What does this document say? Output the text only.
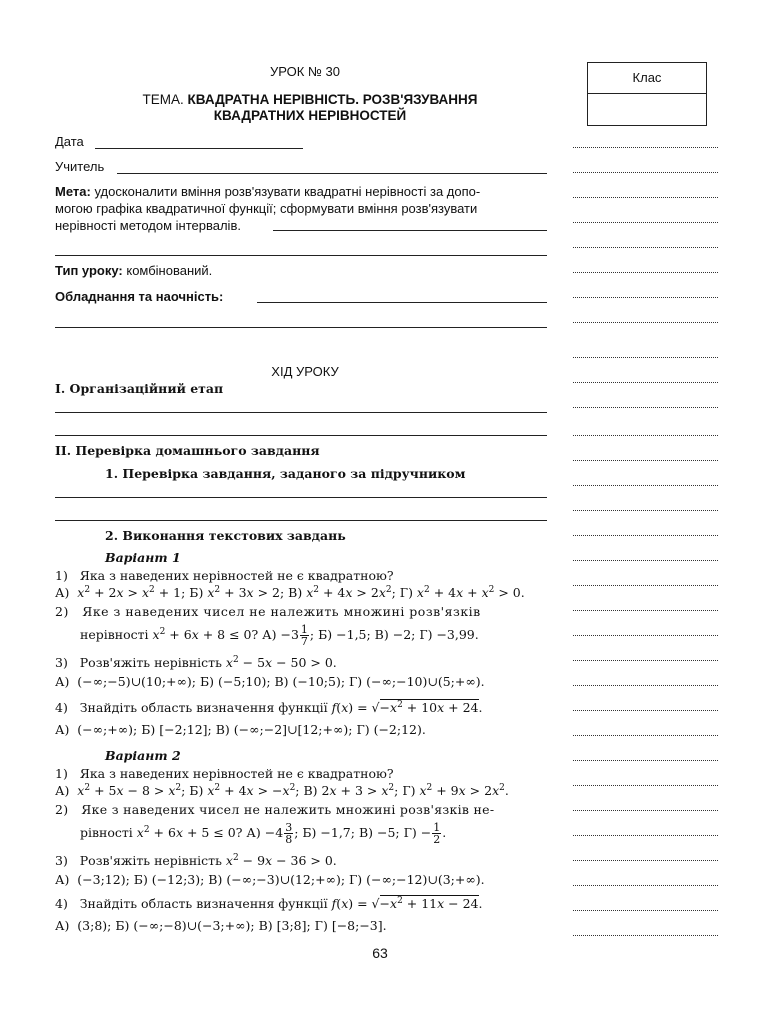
УРОК № 30
ТЕМА. КВАДРАТНА НЕРІВНІСТЬ. РОЗВ'ЯЗУВАННЯ
КВАДРАТНИХ НЕРІВНОСТЕЙ
Клас
Дата
Учитель
Мета: удосконалити вміння розв'язувати квадратні нерівності за допо-
могою графіка квадратичної функції; сформувати вміння розв'язувати
нерівності методом інтервалів.
Тип уроку: комбінований.
Обладнання та наочність:
ХІД УРОКУ
I. Організаційний етап
II. Перевірка домашнього завдання
1. Перевірка завдання, заданого за підручником
2. Виконання текстових завдань
Варіант 1
1) Яка з наведених нерівностей не є квадратною?
А)  $x^2 + 2x > x^2 + 1$; Б) $x^2 + 3x > 2$; В) $x^2 + 4x > 2x^2$; Г) $x^2 + 4x + x^2 > 0$.
2) Яке з наведених чисел не належить множині розв'язків
нерівності $x^2 + 6x + 8 \le 0$? $А) -3 \frac{1}{7}$ ; Б) −1,5; В) −2; Г) −3,99.
3) Розв'яжіть нерівність $x^2 - 5x - 50 > 0$.
А)  (−∞;−5)∪(10;+∞); Б) (−5;10); В) (−10;5); Г) (−∞;−10)∪(5;+∞).
4) Знайдіть область визначення функції $f(x) = √-x^2 + 10x + 24$.
А)  (−∞;+∞); Б) [−2;12]; В) (−∞;−2]∪[12;+∞); Г) (−2;12).
Варіант 2
1) Яка з наведених нерівностей не є квадратною?
А)  $x^2 + 5x - 8 > x^2$; Б) $x^2 + 4x > -x^2$; В) $2x + 3 > x^2$; Г) $x^2 + 9x > 2x^2$.
2) Яке з наведених чисел не належить множині розв'язків не-
рівності $x^2 + 6x + 5 \le 0$? $А) -4 \frac{3}{8}$ ; Б) −1,7; В) −5; $Г) - \frac{1}{2}$ .
3) Розв'яжіть нерівність $x^2 - 9x - 36 > 0$.
А)  (−3;12); Б) (−12;3); В) (−∞;−3)∪(12;+∞); Г) (−∞;−12)∪(3;+∞).
4) Знайдіть область визначення функції $f(x) = √-x^2 + 11x - 24$.
А)  (3;8); Б) (−∞;−8)∪(−3;+∞); В) [3;8]; Г) [−8;−3].
63
